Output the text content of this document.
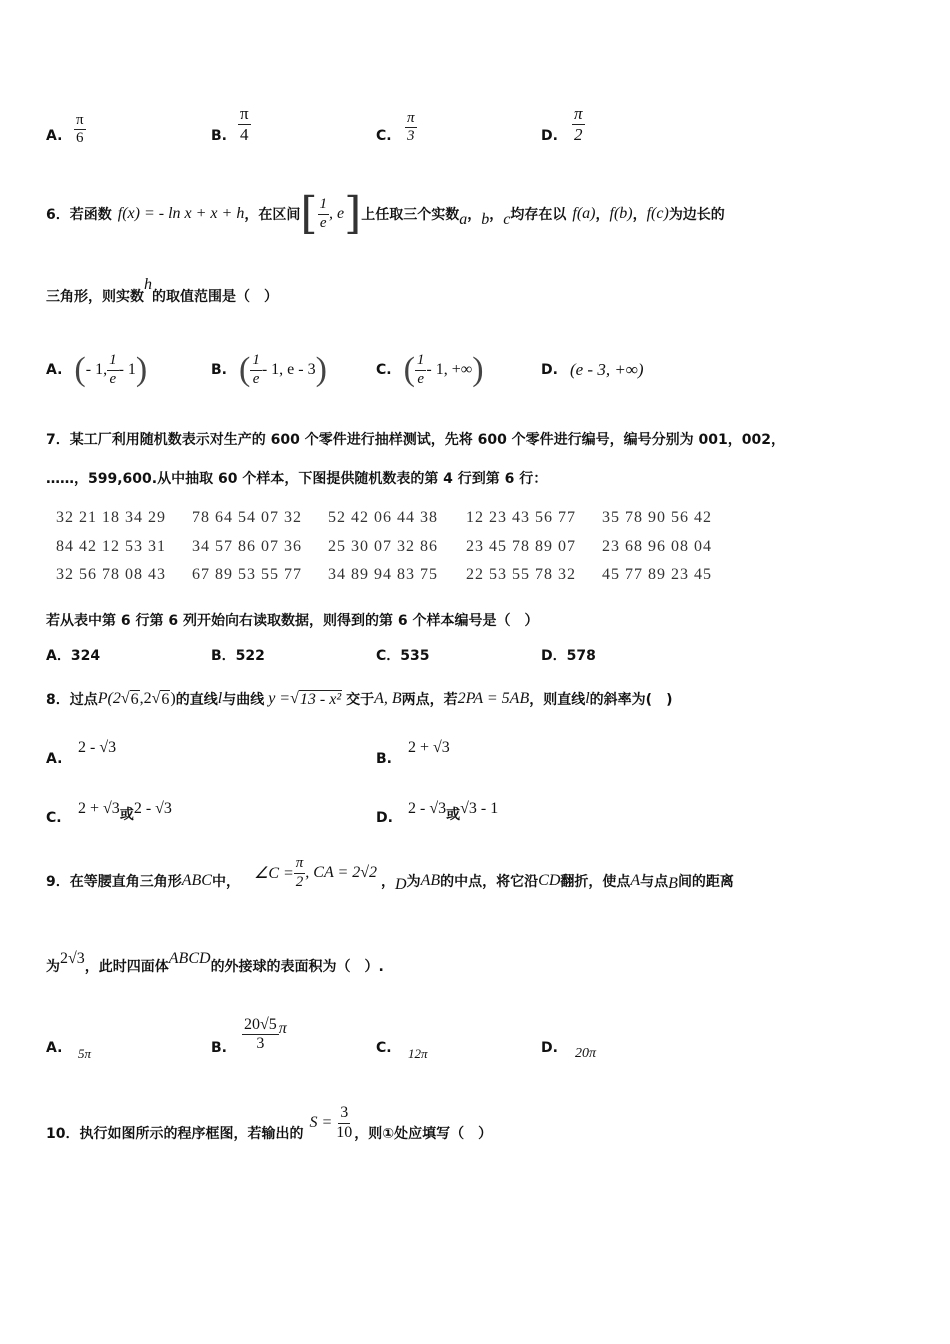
A. $\frac{\pi}{6}$	B. $\frac{\pi}{4}$	C. $\frac{\pi}{3}$	D. $\frac{\pi}{2}$
6．若函数 f(x) = - ln x + x + h ，在区间 [ $\frac{1}{e}$ , e ] 上任取三个实数 a ， b ， c 均存在以 f(a) ， f(b) ， f(c) 为边长的
三角形，则实数
h
的取值范围是（　）
A. ( - 1, $\frac{1}{e} - 1$ )	B. ( $\frac{1}{e} - 1$, e - 3 )	C. ( $\frac{1}{e} - 1$, +∞ )	D. (e - 3, +∞)
7．某工厂利用随机数表示对生产的 600 个零件进行抽样测试，先将 600 个零件进行编号，编号分别为 001，002，
……，599,600.从中抽取 60 个样本，下图提供随机数表的第 4 行到第 6 行：
32 21 18 34 29 78 64 54 07 32 52 42 06 44 38 12 23 43 56 77 35 78 90 56 42
84 42 12 53 31 34 57 86 07 36 25 30 07 32 86 23 45 78 89 07 23 68 96 08 04
32 56 78 08 43 67 89 53 55 77 34 89 94 83 75 22 53 55 78 32 45 77 89 23 45
若从表中第 6 行第 6 列开始向右读取数据，则得到的第 6 个样本编号是（　）
A．324	B．522	C．535	D．578
8．过点 P(2 √ 6 ,2 √ 6 ) 的直线 l 与曲线 y = √ 13 - x² 交于 A, B 两点，若 2PA = 5AB ，则直线 l 的斜率为(　)
A.
2 - √3
B.
2 + √3
C.
2 + √3 或 2 - √3
D.
2 - √3 或 √3 - 1
9．在等腰直角三角形 ABC 中， ∠C = $\frac{\pi}{2}$ , CA = 2√2
， D 为 AB 的中点，将它沿 CD 翻折，使点 A 与点 B 间的距离
为 2√3 ，此时四面体 ABCD 的外接球的表面积为（　）.
A. 5π	B. $\frac{20√5}{3}$ π
C. 12π	D. 20π
10．执行如图所示的程序框图，若输出的
$S = \frac{3}{10}$ ，则①处应填写（　）
